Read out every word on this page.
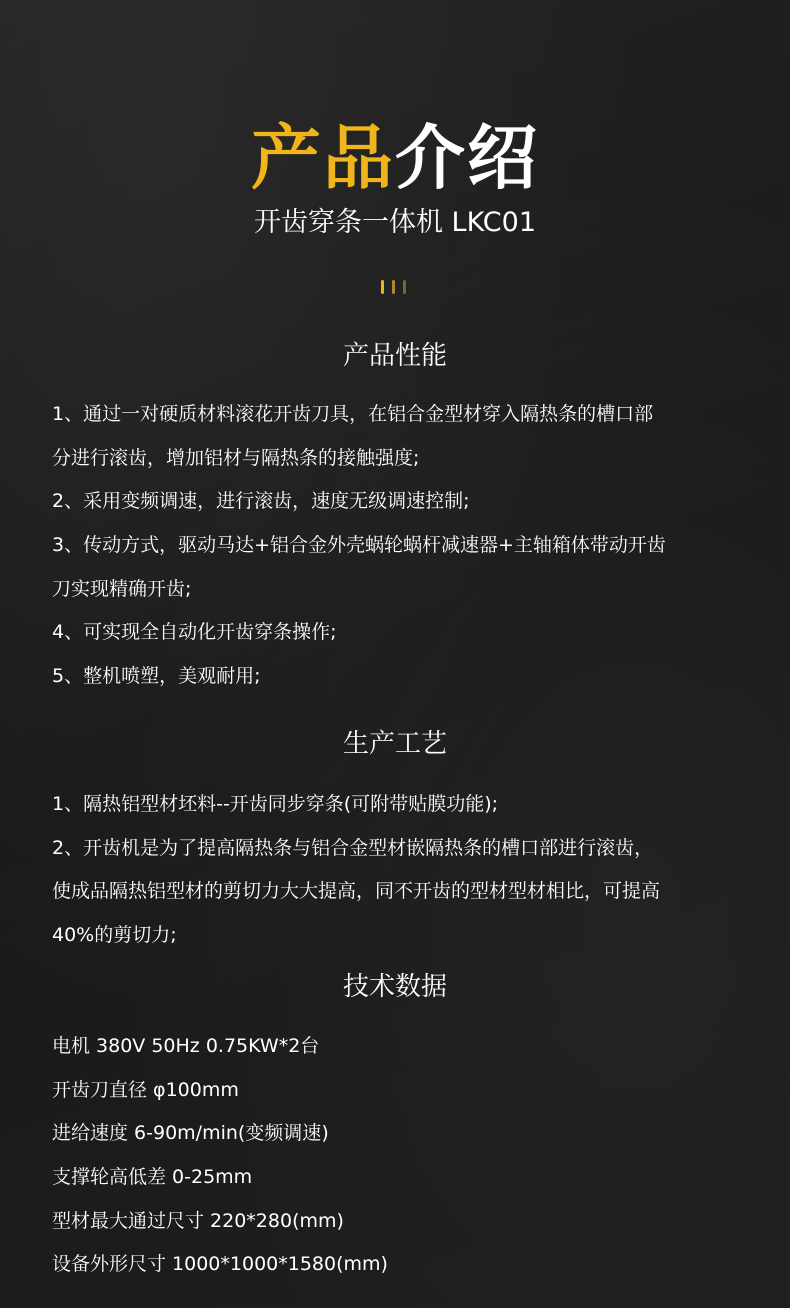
产品介绍
开齿穿条一体机 LKC01
产品性能
1、通过一对硬质材料滚花开齿刀具，在铝合金型材穿入隔热条的槽口部
分进行滚齿，增加铝材与隔热条的接触强度;
2、采用变频调速，进行滚齿，速度无级调速控制;
3、传动方式，驱动马达+铝合金外壳蜗轮蜗杆减速器+主轴箱体带动开齿
刀实现精确开齿;
4、可实现全自动化开齿穿条操作;
5、整机喷塑，美观耐用;
生产工艺
1、隔热铝型材坯料--开齿同步穿条(可附带贴膜功能);
2、开齿机是为了提高隔热条与铝合金型材嵌隔热条的槽口部进行滚齿，
使成品隔热铝型材的剪切力大大提高，同不开齿的型材型材相比，可提高
40%的剪切力;
技术数据
电机 380V 50Hz 0.75KW*2台
开齿刀直径 φ100mm
进给速度 6-90m/min(变频调速)
支撑轮高低差 0-25mm
型材最大通过尺寸 220*280(mm)
设备外形尺寸 1000*1000*1580(mm)
